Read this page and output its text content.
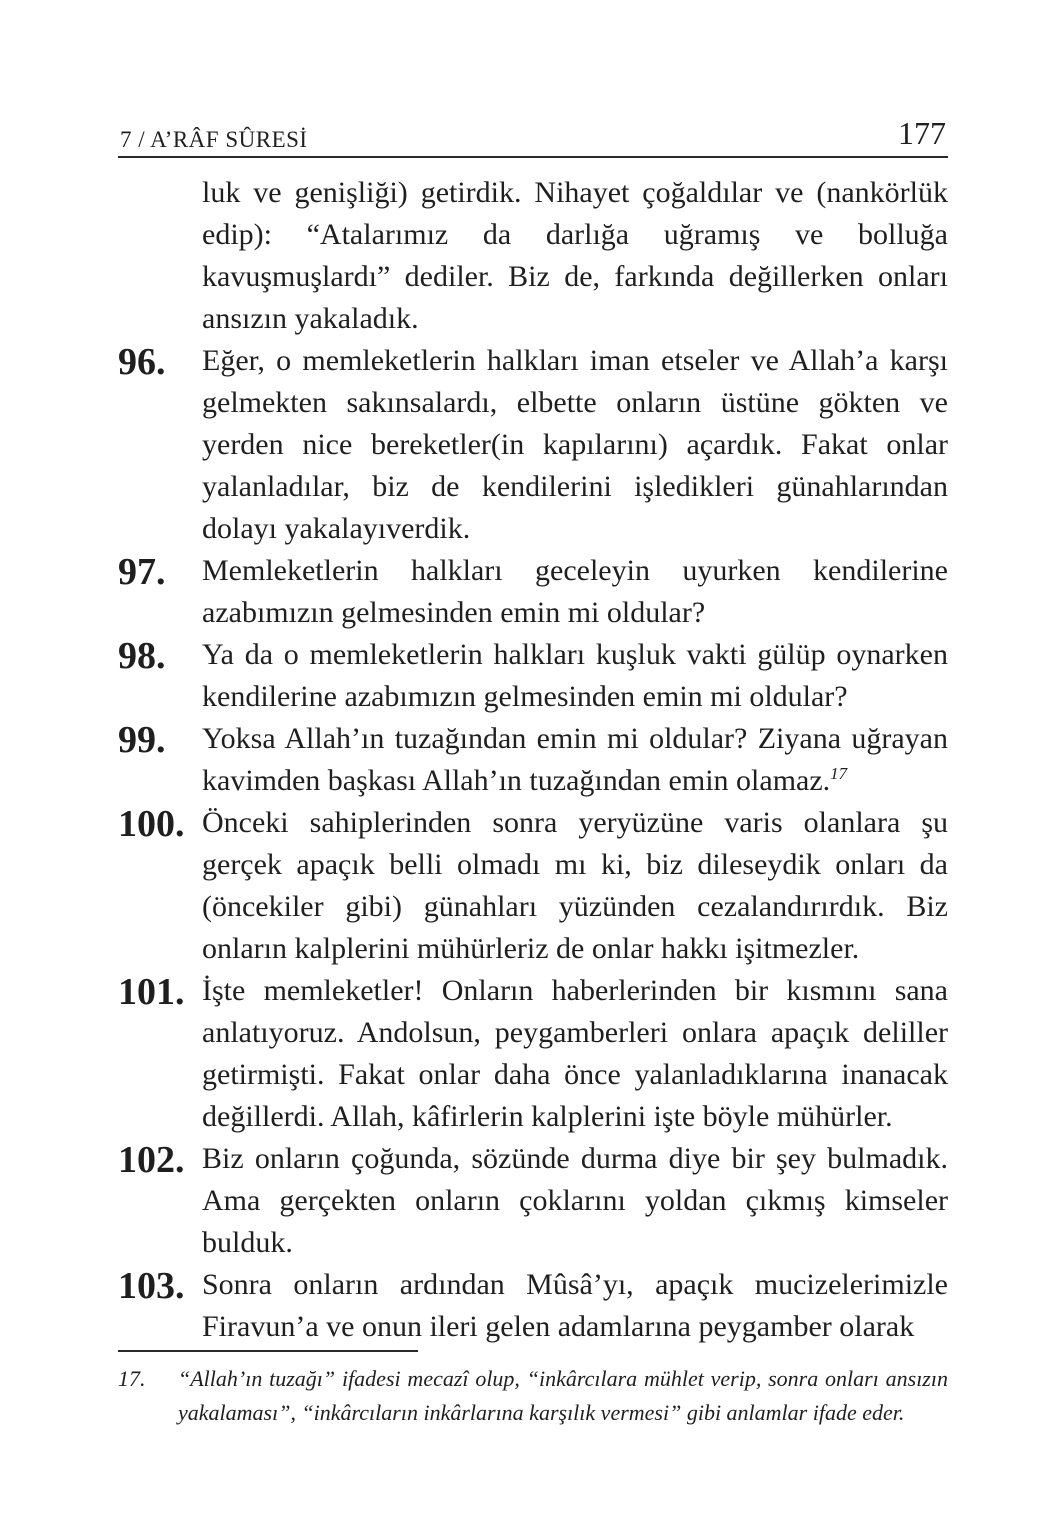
7 / A’RÂF SÛRESİ	177

luk ve genişliği) getirdik. Nihayet çoğaldılar ve (nankörlük edip): “Atalarımız da darlığa uğramış ve bolluğa kavuşmuşlardı” dediler. Biz de, farkında değillerken onları ansızın yakaladık.

96. Eğer, o memleketlerin halkları iman etseler ve Allah’a karşı gelmekten sakınsalardı, elbette onların üstüne gökten ve yerden nice bereketler(in kapılarını) açardık. Fakat onlar yalanladılar, biz de kendilerini işledikleri günahlarından dolayı yakalayıverdik.

97. Memleketlerin halkları geceleyin uyurken kendilerine azabımızın gelmesinden emin mi oldular?

98. Ya da o memleketlerin halkları kuşluk vakti gülüp oynarken kendilerine azabımızın gelmesinden emin mi oldular?

99. Yoksa Allah’ın tuzağından emin mi oldular? Ziyana uğrayan kavimden başkası Allah’ın tuzağından emin olamaz.$^{17}$

100. Önceki sahiplerinden sonra yeryüzüne varis olanlara şu gerçek apaçık belli olmadı mı ki, biz dileseydik onları da (öncekiler gibi) günahları yüzünden cezalandırırdık. Biz onların kalplerini mühürleriz de onlar hakkı işitmezler.

101. İşte memleketler! Onların haberlerinden bir kısmını sana anlatıyoruz. Andolsun, peygamberleri onlara apaçık deliller getirmişti. Fakat onlar daha önce yalanladıklarına inanacak değillerdi. Allah, kâfirlerin kalplerini işte böyle mühürler.

102. Biz onların çoğunda, sözünde durma diye bir şey bulmadık. Ama gerçekten onların çoklarını yoldan çıkmış kimseler bulduk.

103. Sonra onların ardından Mûsâ’yı, apaçık mucizelerimizle Firavun’a ve onun ileri gelen adamlarına peygamber olarak

17.	“Allah’ın tuzağı” ifadesi mecazî olup, “inkârcılara mühlet verip, sonra onları ansızın yakalaması”, “inkârcıların inkârlarına karşılık vermesi” gibi anlamlar ifade eder.
